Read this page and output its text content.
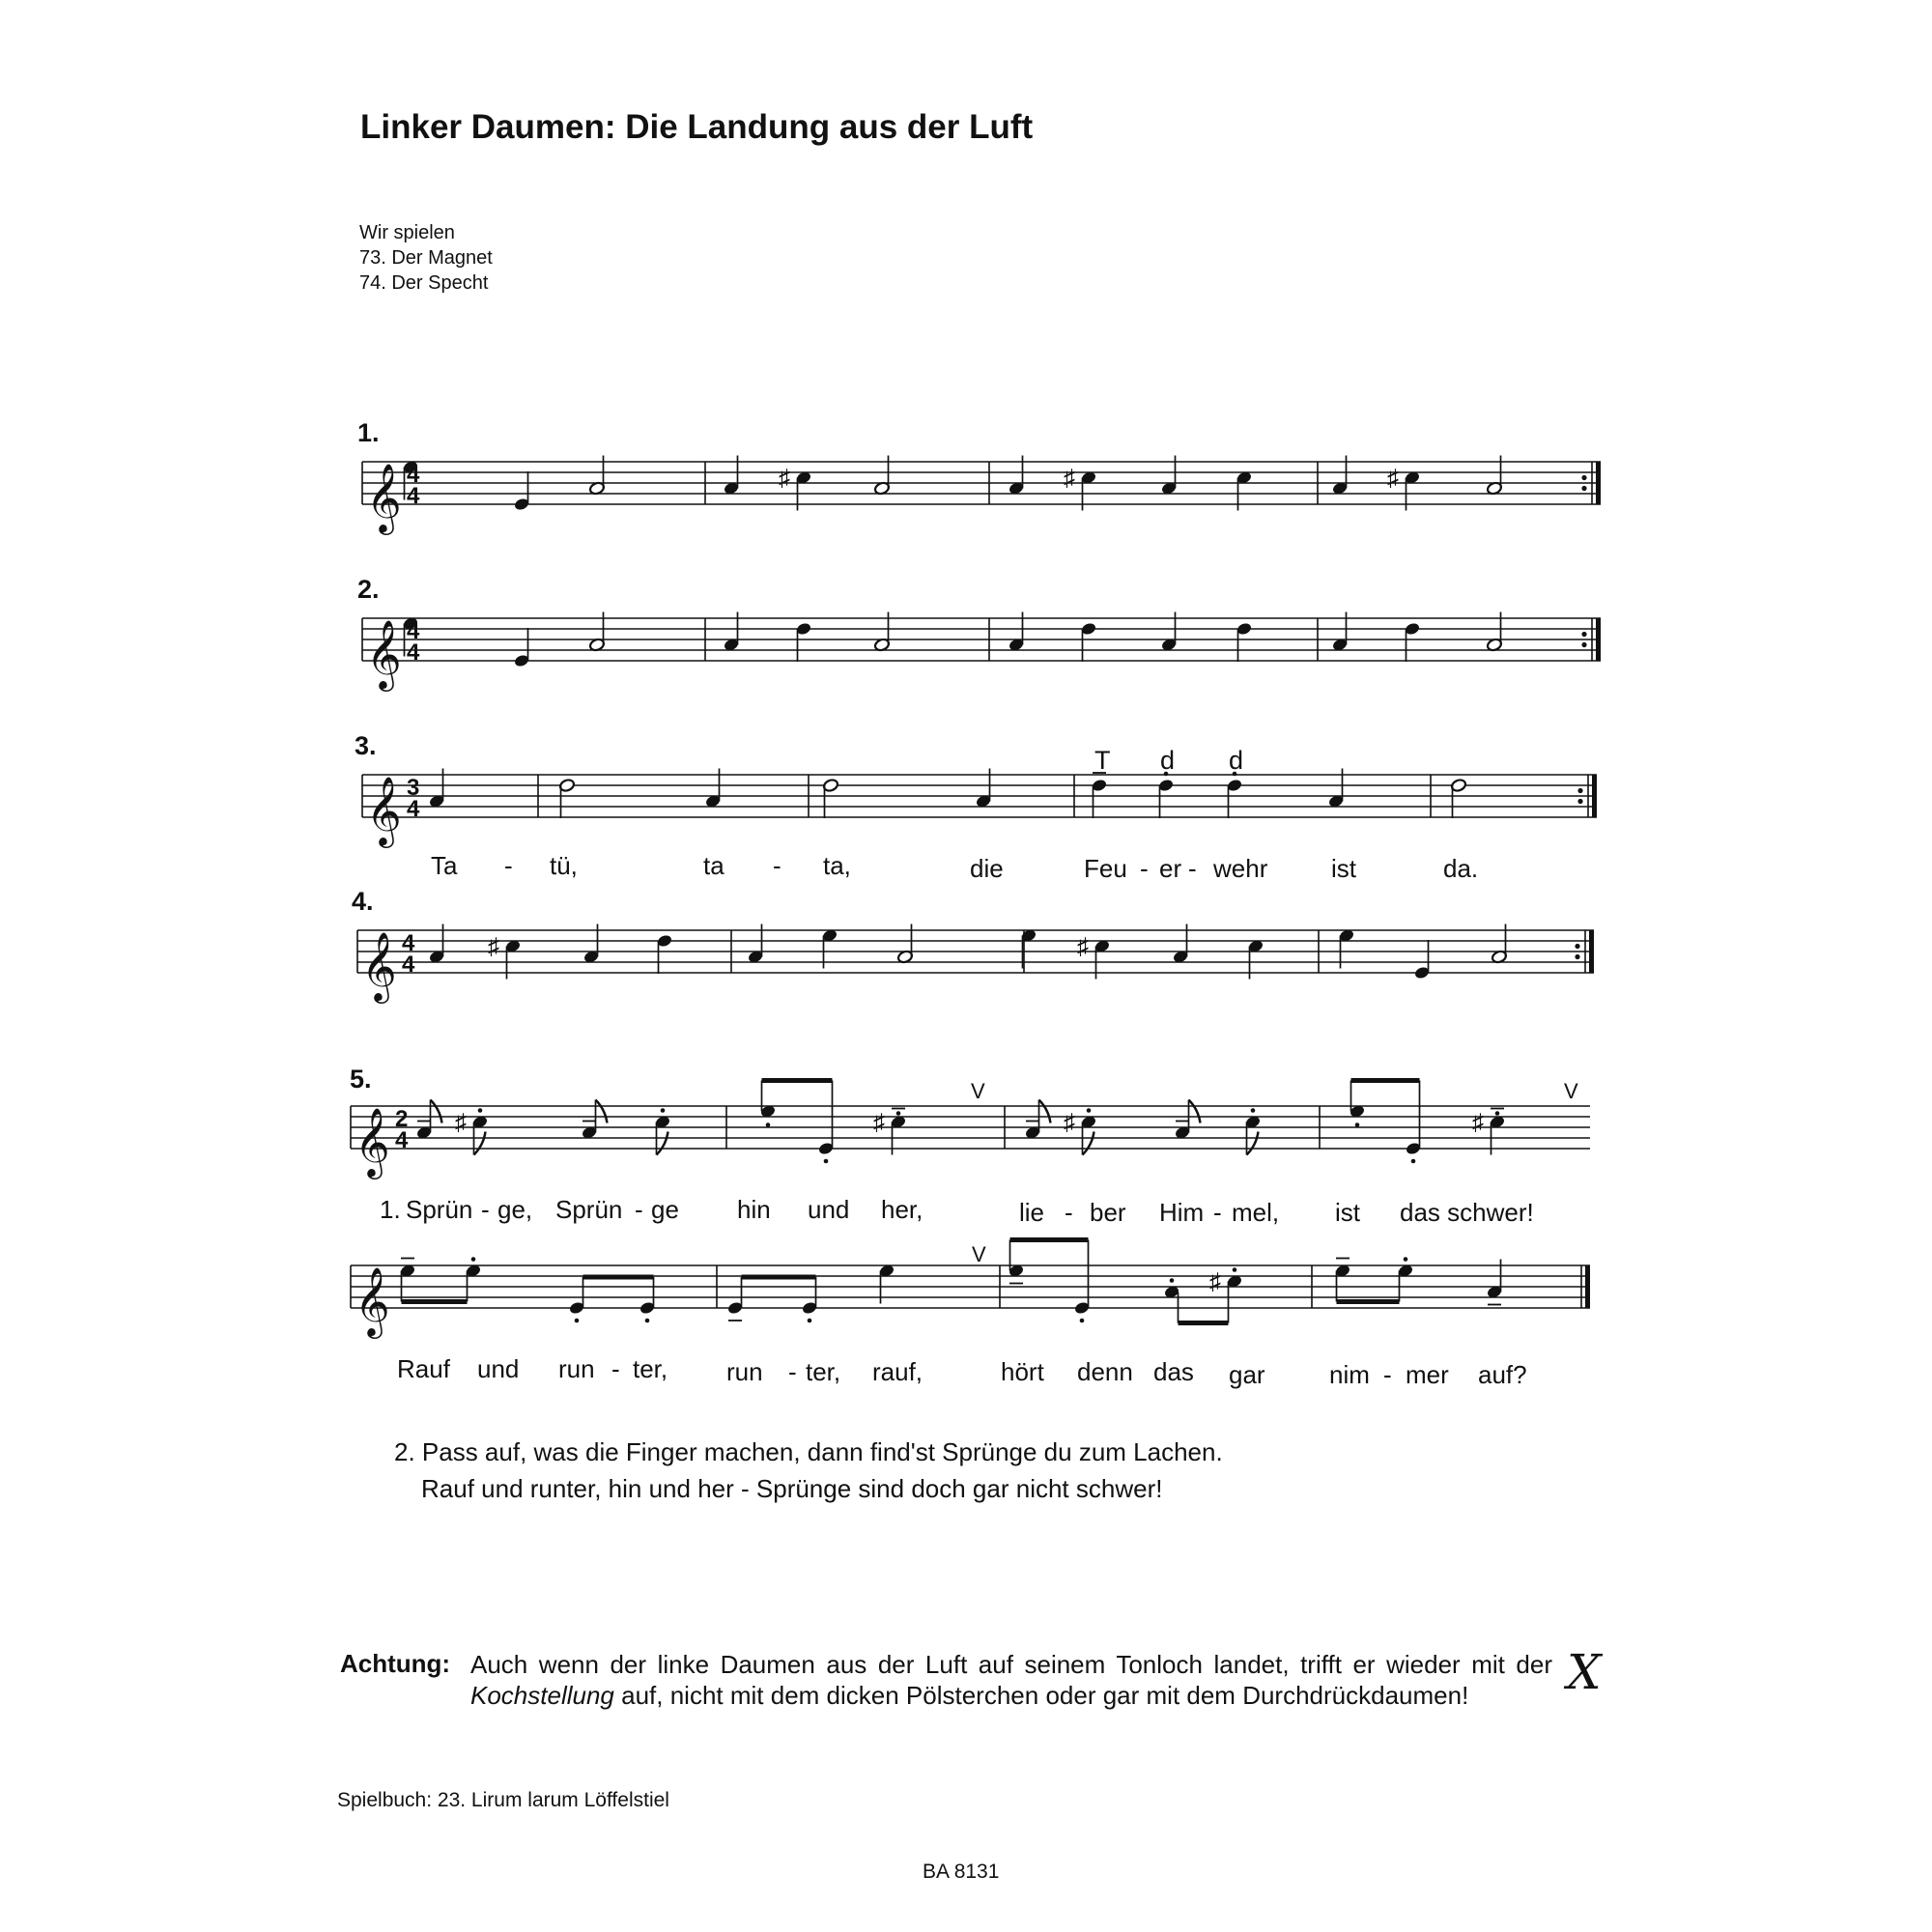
Linker Daumen: Die Landung aus der Luft
Wir spielen
73. Der Magnet
74. Der Specht
1.
2.
3.
4.
5.
𝄞 4
4
𝄞 4
4
𝄞 3
4
𝄞 4
4
𝄞 2
4
𝄞
♯	♯	♯
T d d
♯	♯
♯	♯	♯	♯
V	V
♯
V
Ta - tü,	ta - ta,	die	Feu - er - wehr	ist	da.
1. Sprün - ge, Sprün - ge hin und her,	lie - ber Him - mel, ist das schwer!
Rauf und run - ter, run - ter, rauf,	hört denn das gar	nim - mer auf?
2. Pass auf, was die Finger machen, dann find'st Sprünge du zum Lachen.
Rauf und runter, hin und her - Sprünge sind doch gar nicht schwer!
Achtung: Auch wenn der linke Daumen aus der Luft auf seinem Tonloch landet, trifft er wieder mit der Kochstellung auf, nicht mit dem dicken Pölsterchen oder gar mit dem Durchdrückdaumen!	X
Spielbuch: 23. Lirum larum Löffelstiel
BA 8131
